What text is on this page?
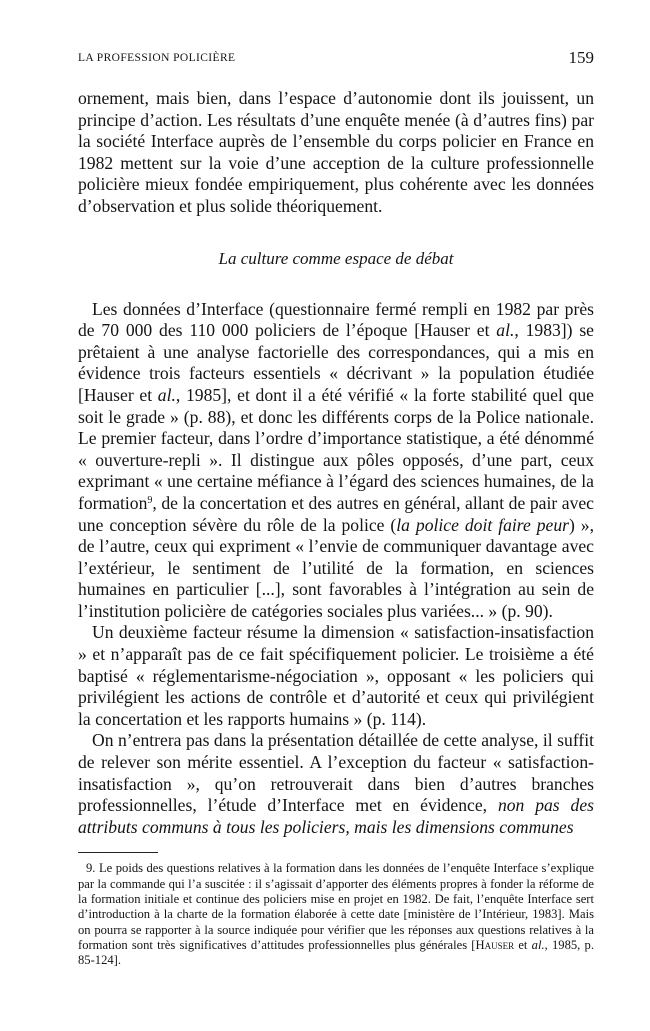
LA PROFESSION POLICIÈRE	159

ornement, mais bien, dans l’espace d’autonomie dont ils jouissent, un principe d’action. Les résultats d’une enquête menée (à d’autres fins) par la société Interface auprès de l’ensemble du corps policier en France en 1982 mettent sur la voie d’une acception de la culture professionnelle policière mieux fondée empiriquement, plus cohérente avec les données d’observation et plus solide théoriquement.

La culture comme espace de débat

Les données d’Interface (questionnaire fermé rempli en 1982 par près de 70 000 des 110 000 policiers de l’époque [Hauser et al., 1983]) se prêtaient à une analyse factorielle des correspondances, qui a mis en évidence trois facteurs essentiels « décrivant » la population étudiée [Hauser et al., 1985], et dont il a été vérifié « la forte stabilité quel que soit le grade » (p. 88), et donc les différents corps de la Police nationale. Le premier facteur, dans l’ordre d’importance statistique, a été dénommé « ouverture-repli ». Il distingue aux pôles opposés, d’une part, ceux exprimant « une certaine méfiance à l’égard des sciences humaines, de la formation$^9$, de la concertation et des autres en général, allant de pair avec une conception sévère du rôle de la police (la police doit faire peur) », de l’autre, ceux qui expriment « l’envie de communiquer davantage avec l’extérieur, le sentiment de l’utilité de la formation, en sciences humaines en particulier [...], sont favorables à l’intégration au sein de l’institution policière de catégories sociales plus variées... » (p. 90).

Un deuxième facteur résume la dimension « satisfaction-insatisfaction » et n’apparaît pas de ce fait spécifiquement policier. Le troisième a été baptisé « réglementarisme-négociation », opposant « les policiers qui privilégient les actions de contrôle et d’autorité et ceux qui privilégient la concertation et les rapports humains » (p. 114).

On n’entrera pas dans la présentation détaillée de cette analyse, il suffit de relever son mérite essentiel. A l’exception du facteur « satisfaction-insatisfaction », qu’on retrouverait dans bien d’autres branches professionnelles, l’étude d’Interface met en évidence, non pas des attributs communs à tous les policiers, mais les dimensions communes

9. Le poids des questions relatives à la formation dans les données de l’enquête Interface s’explique par la commande qui l’a suscitée : il s’agissait d’apporter des éléments propres à fonder la réforme de la formation initiale et continue des policiers mise en projet en 1982. De fait, l’enquête Interface sert d’introduction à la charte de la formation élaborée à cette date [ministère de l’Intérieur, 1983]. Mais on pourra se rapporter à la source indiquée pour vérifier que les réponses aux questions relatives à la formation sont très significatives d’attitudes professionnelles plus générales [Hauser et al., 1985, p. 85-124].
